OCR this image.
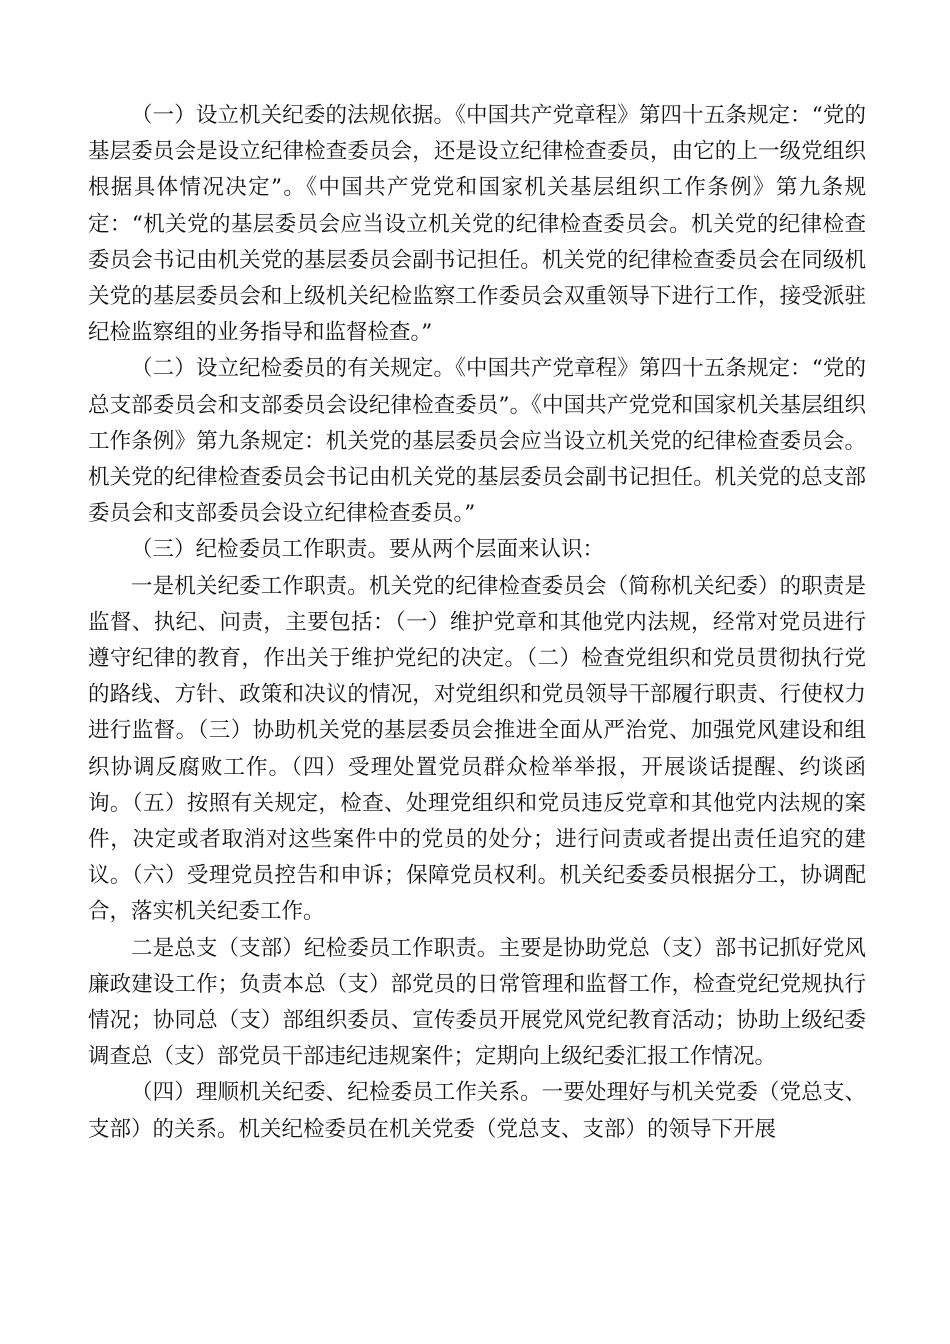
（一）设立机关纪委的法规依据。《中国共产党章程》第四十五条规定：“党的基层委员会是设立纪律检查委员会，还是设立纪律检查委员，由它的上一级党组织根据具体情况决定”。《中国共产党党和国家机关基层组织工作条例》第九条规定：“机关党的基层委员会应当设立机关党的纪律检查委员会。机关党的纪律检查委员会书记由机关党的基层委员会副书记担任。机关党的纪律检查委员会在同级机关党的基层委员会和上级机关纪检监察工作委员会双重领导下进行工作，接受派驻纪检监察组的业务指导和监督检查。”

（二）设立纪检委员的有关规定。《中国共产党章程》第四十五条规定：“党的总支部委员会和支部委员会设纪律检查委员”。《中国共产党党和国家机关基层组织工作条例》第九条规定：机关党的基层委员会应当设立机关党的纪律检查委员会。机关党的纪律检查委员会书记由机关党的基层委员会副书记担任。机关党的总支部委员会和支部委员会设立纪律检查委员。”

（三）纪检委员工作职责。要从两个层面来认识：

一是机关纪委工作职责。机关党的纪律检查委员会（简称机关纪委）的职责是监督、执纪、问责，主要包括：（一）维护党章和其他党内法规，经常对党员进行遵守纪律的教育，作出关于维护党纪的决定。（二）检查党组织和党员贯彻执行党的路线、方针、政策和决议的情况，对党组织和党员领导干部履行职责、行使权力进行监督。（三）协助机关党的基层委员会推进全面从严治党、加强党风建设和组织协调反腐败工作。（四）受理处置党员群众检举举报，开展谈话提醒、约谈函询。（五）按照有关规定，检查、处理党组织和党员违反党章和其他党内法规的案件，决定或者取消对这些案件中的党员的处分；进行问责或者提出责任追究的建议。（六）受理党员控告和申诉；保障党员权利。机关纪委委员根据分工，协调配合，落实机关纪委工作。

二是总支（支部）纪检委员工作职责。主要是协助党总（支）部书记抓好党风廉政建设工作；负责本总（支）部党员的日常管理和监督工作，检查党纪党规执行情况；协同总（支）部组织委员、宣传委员开展党风党纪教育活动；协助上级纪委调查总（支）部党员干部违纪违规案件；定期向上级纪委汇报工作情况。

（四）理顺机关纪委、纪检委员工作关系。一要处理好与机关党委（党总支、支部）的关系。机关纪检委员在机关党委（党总支、支部）的领导下开展
